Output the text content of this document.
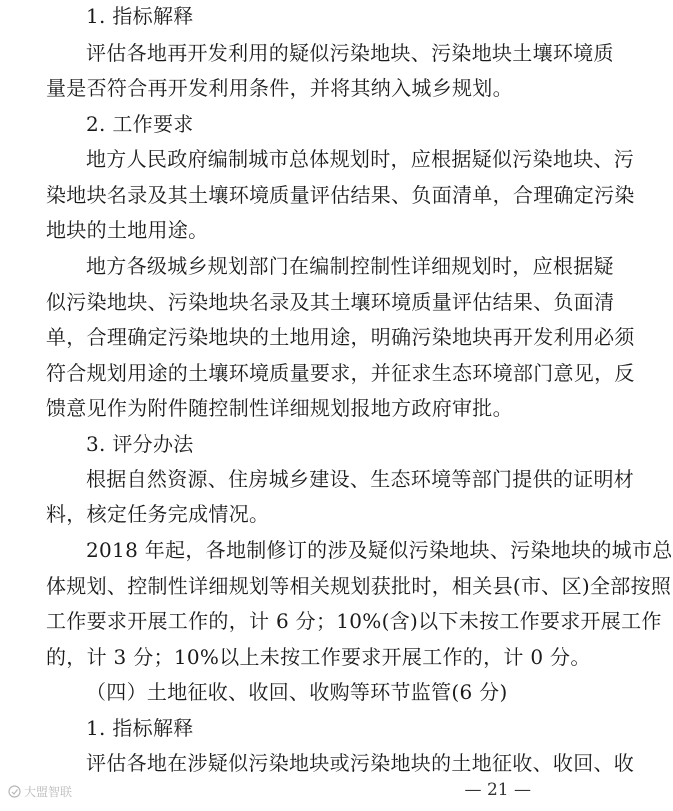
1. 指标解释
评估各地再开发利用的疑似污染地块、污染地块土壤环境质
量是否符合再开发利用条件，并将其纳入城乡规划。
2. 工作要求
地方人民政府编制城市总体规划时，应根据疑似污染地块、污
染地块名录及其土壤环境质量评估结果、负面清单，合理确定污染
地块的土地用途。
地方各级城乡规划部门在编制控制性详细规划时，应根据疑
似污染地块、污染地块名录及其土壤环境质量评估结果、负面清
单，合理确定污染地块的土地用途，明确污染地块再开发利用必须
符合规划用途的土壤环境质量要求，并征求生态环境部门意见，反
馈意见作为附件随控制性详细规划报地方政府审批。
3. 评分办法
根据自然资源、住房城乡建设、生态环境等部门提供的证明材
料，核定任务完成情况。
2018 年起，各地制修订的涉及疑似污染地块、污染地块的城市总
体规划、控制性详细规划等相关规划获批时，相关县(市、区)全部按照
工作要求开展工作的，计 6 分；10%(含)以下未按工作要求开展工作
的，计 3 分；10%以上未按工作要求开展工作的，计 0 分。
（四）土地征收、收回、收购等环节监管(6 分)
1. 指标解释
评估各地在涉疑似污染地块或污染地块的土地征收、收回、收
大盟智联	— 21 —
